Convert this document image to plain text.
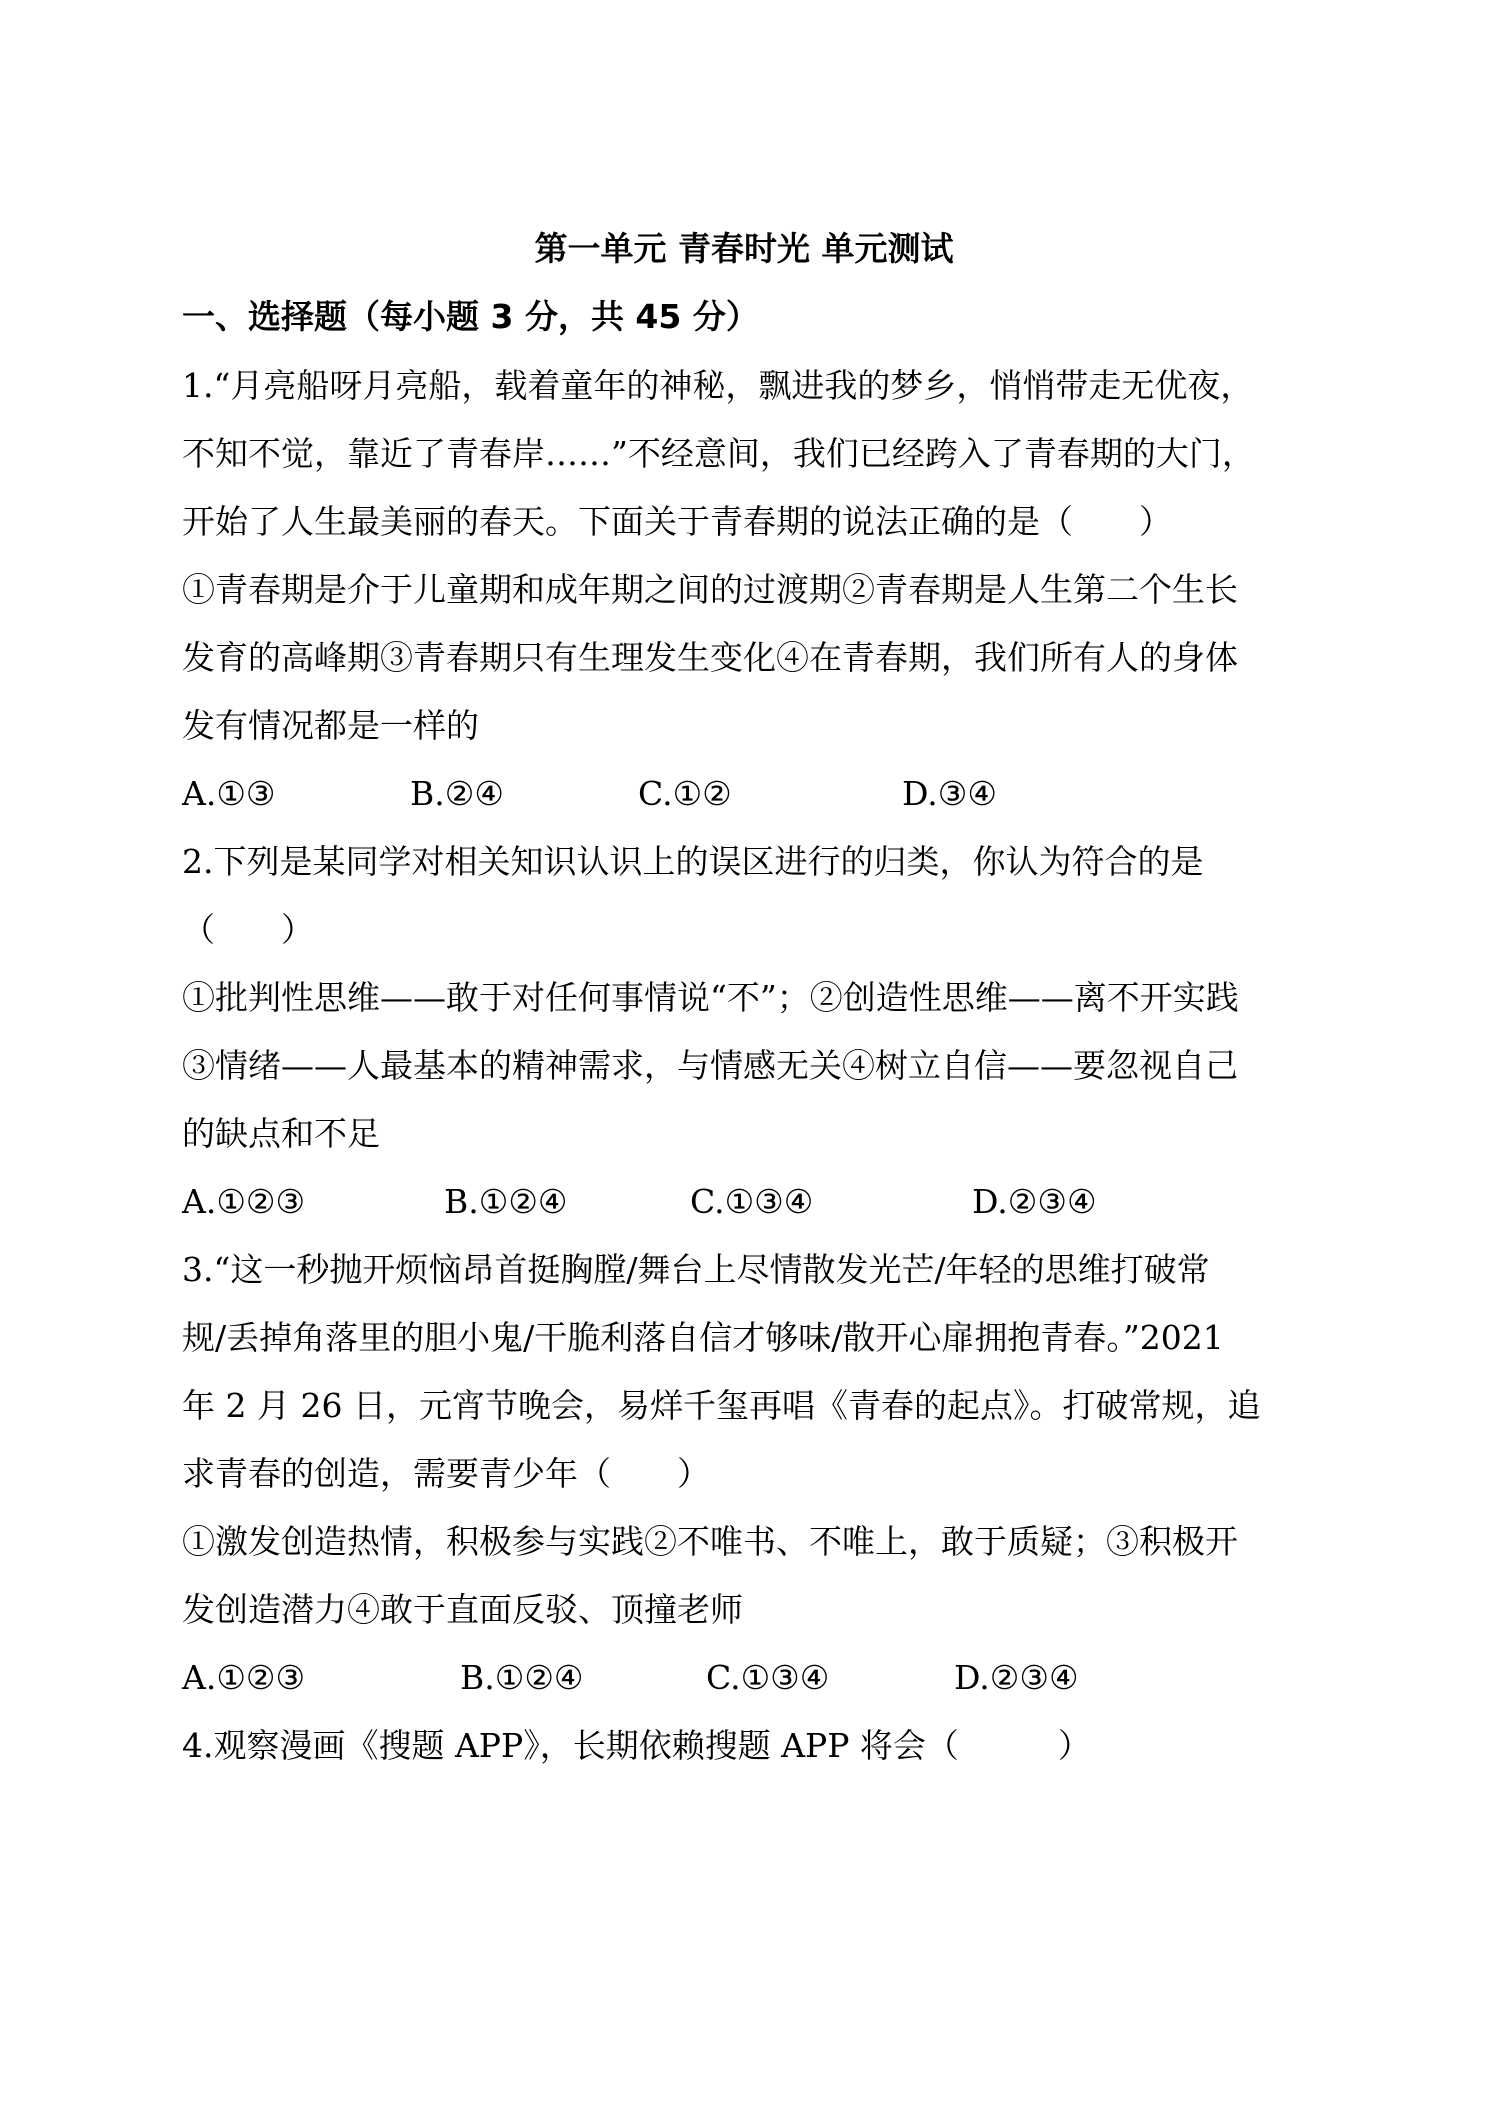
第一单元 青春时光 单元测试
一、选择题（每小题 3 分，共 45 分）
1.“月亮船呀月亮船，载着童年的神秘，飘进我的梦乡，悄悄带走无优夜，
不知不觉，靠近了青春岸……”不经意间，我们已经跨入了青春期的大门，
开始了人生最美丽的春天。下面关于青春期的说法正确的是（　　）
①青春期是介于儿童期和成年期之间的过渡期②青春期是人生第二个生长
发育的高峰期③青春期只有生理发生变化④在青春期，我们所有人的身体
发有情况都是一样的
A.①③	B.②④	C.①②	D.③④
2.下列是某同学对相关知识认识上的误区进行的归类，你认为符合的是
（　　）
①批判性思维——敢于对任何事情说“不”；②创造性思维——离不开实践
③情绪——人最基本的精神需求，与情感无关④树立自信——要忽视自己
的缺点和不足
A.①②③	B.①②④	C.①③④	D.②③④
3.“这一秒抛开烦恼昂首挺胸膛/舞台上尽情散发光芒/年轻的思维打破常
规/丢掉角落里的胆小鬼/干脆利落自信才够味/散开心扉拥抱青春。”2021
年 2 月 26 日，元宵节晚会，易烊千玺再唱《青春的起点》。打破常规，追
求青春的创造，需要青少年（　　）
①激发创造热情，积极参与实践②不唯书、不唯上，敢于质疑；③积极开
发创造潜力④敢于直面反驳、顶撞老师
A.①②③	B.①②④	C.①③④	D.②③④
4.观察漫画《搜题 APP》，长期依赖搜题 APP 将会（　　　）
